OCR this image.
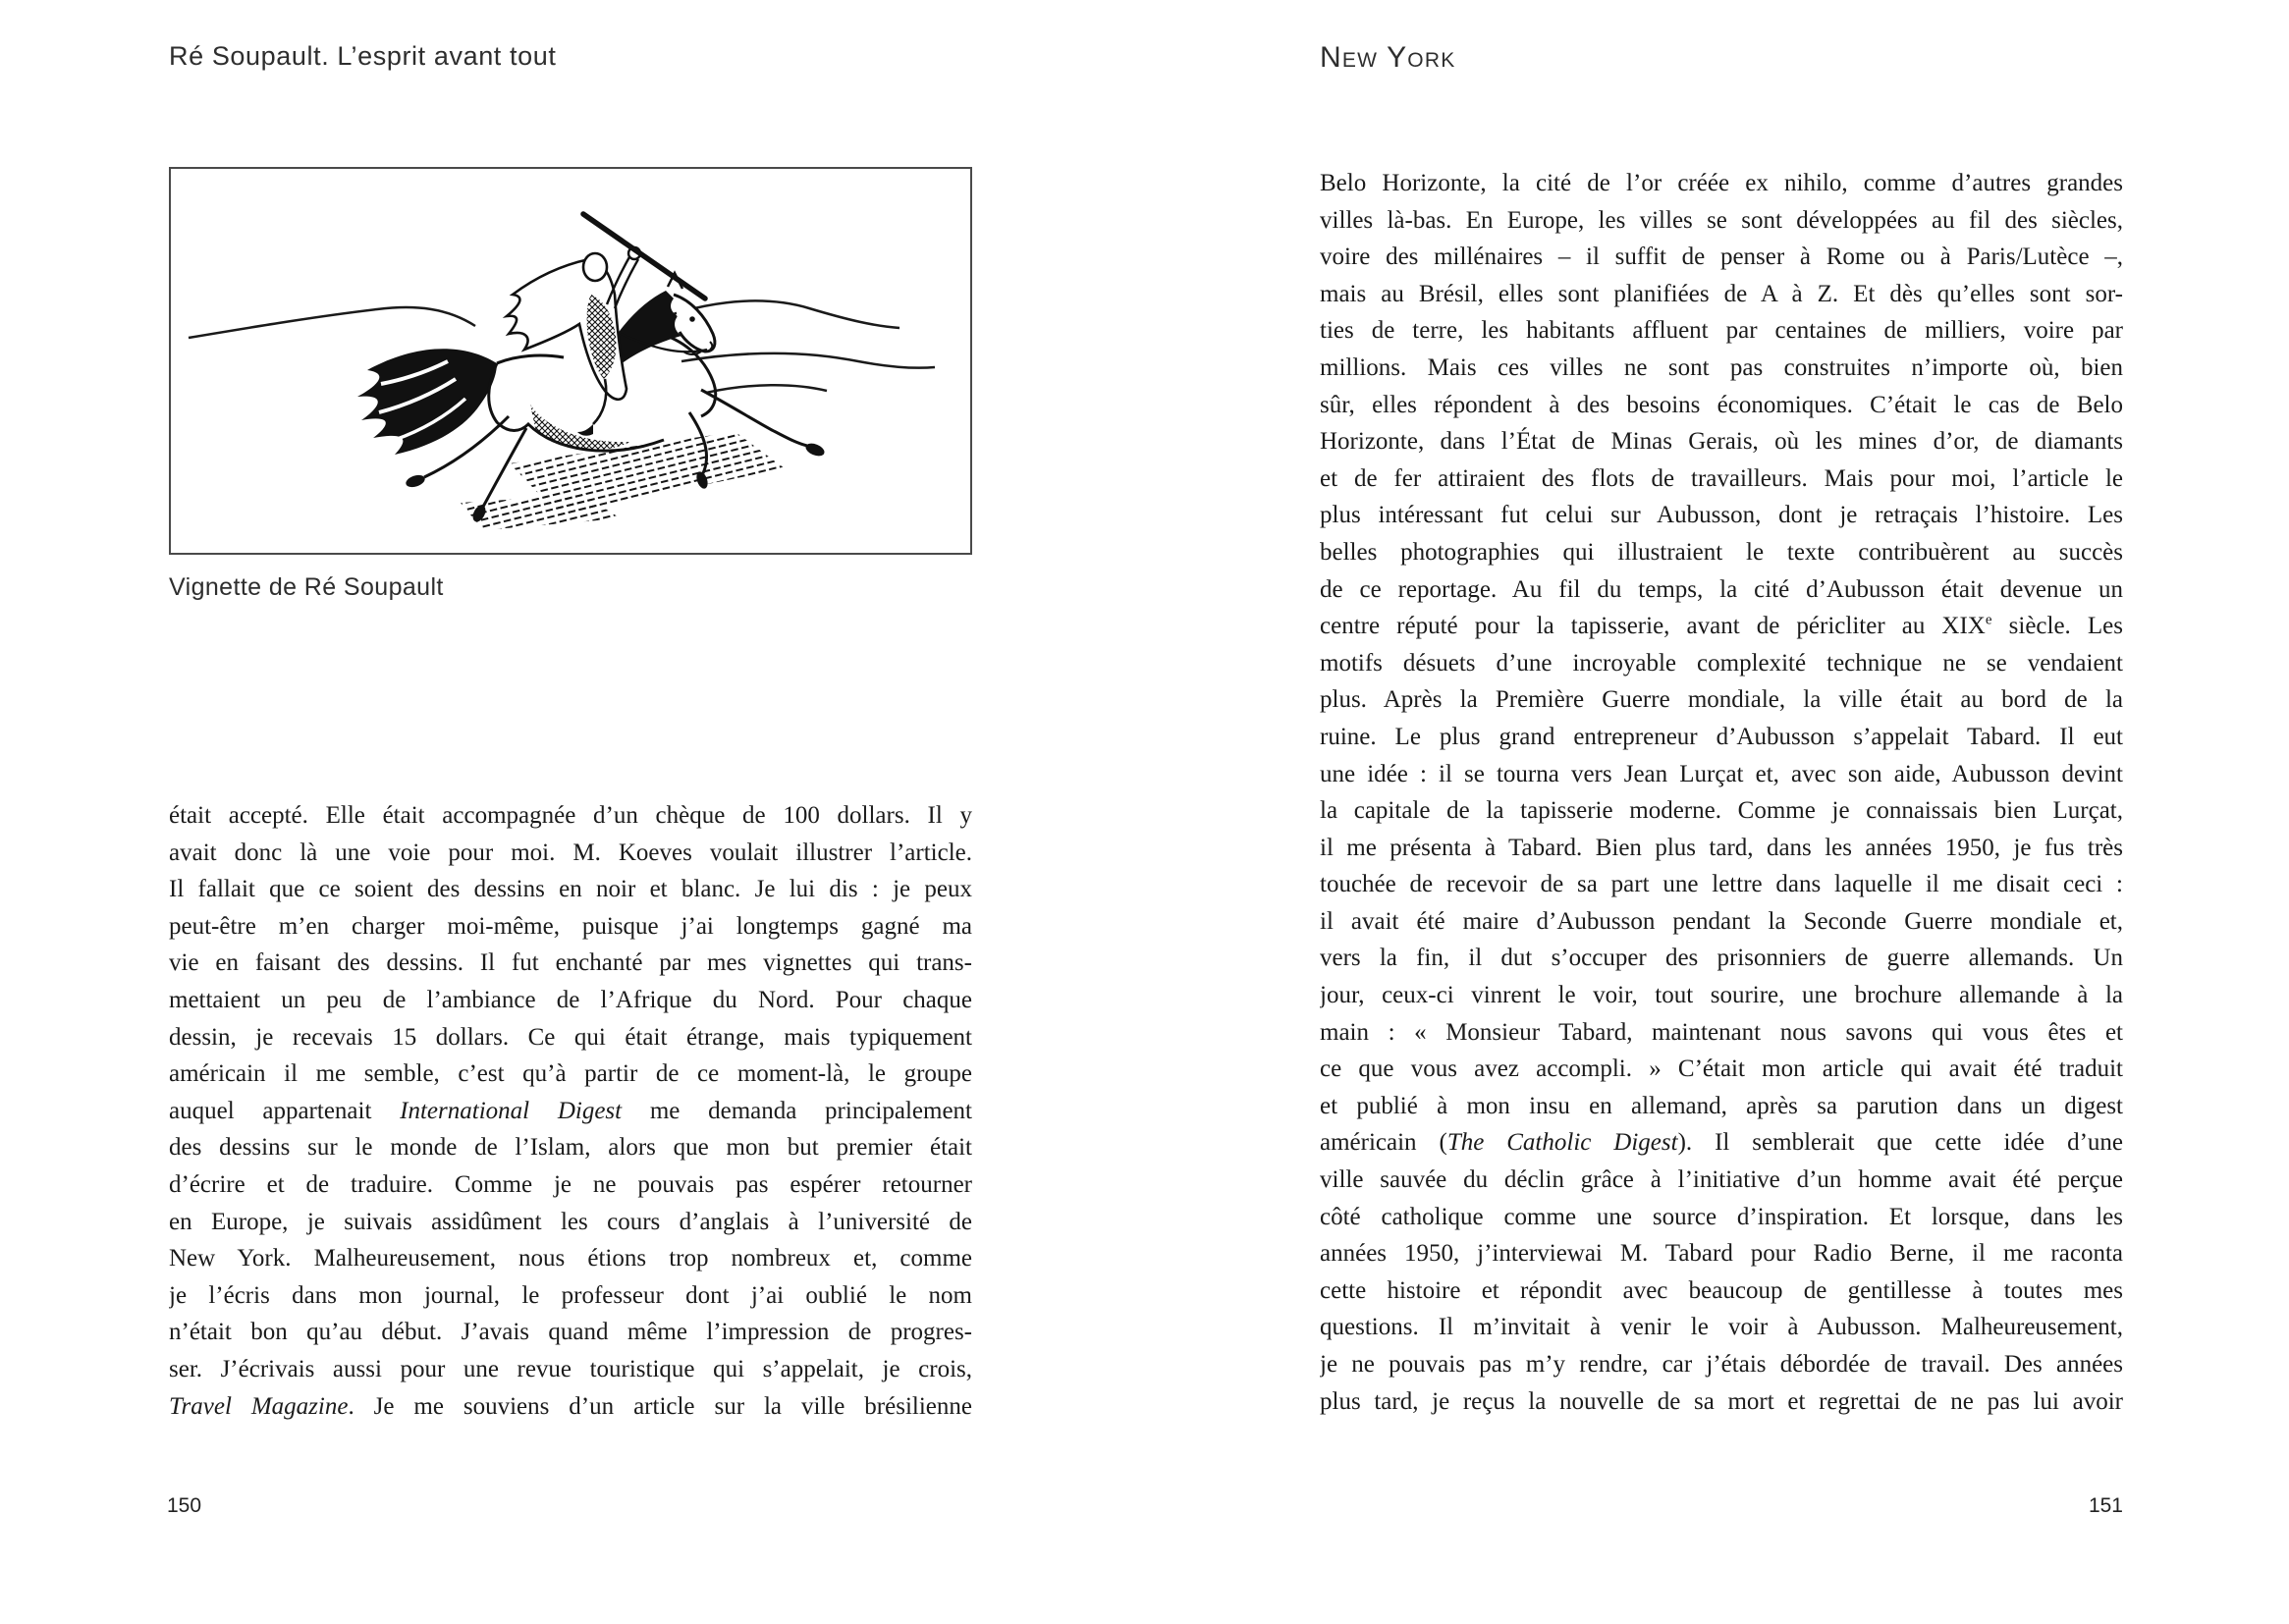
Ré Soupault. L’esprit avant tout
Vignette de Ré Soupault
était accepté. Elle était accompagnée d’un chèque de 100 dollars. Il y
avait donc là une voie pour moi. M. Koeves voulait illustrer l’article.
Il fallait que ce soient des dessins en noir et blanc. Je lui dis : je peux
peut-être m’en charger moi-même, puisque j’ai longtemps gagné ma
vie en faisant des dessins. Il fut enchanté par mes vignettes qui trans-
mettaient un peu de l’ambiance de l’Afrique du Nord. Pour chaque
dessin, je recevais 15 dollars. Ce qui était étrange, mais typiquement
américain il me semble, c’est qu’à partir de ce moment-là, le groupe
auquel appartenait International Digest me demanda principalement
des dessins sur le monde de l’Islam, alors que mon but premier était
d’écrire et de traduire. Comme je ne pouvais pas espérer retourner
en Europe, je suivais assidûment les cours d’anglais à l’université de
New York. Malheureusement, nous étions trop nombreux et, comme
je l’écris dans mon journal, le professeur dont j’ai oublié le nom
n’était bon qu’au début. J’avais quand même l’impression de progres-
ser. J’écrivais aussi pour une revue touristique qui s’appelait, je crois,
Travel Magazine. Je me souviens d’un article sur la ville brésilienne
150
New York
Belo Horizonte, la cité de l’or créée ex nihilo, comme d’autres grandes
villes là-bas. En Europe, les villes se sont développées au fil des siècles,
voire des millénaires – il suffit de penser à Rome ou à Paris/Lutèce –,
mais au Brésil, elles sont planifiées de A à Z. Et dès qu’elles sont sor-
ties de terre, les habitants affluent par centaines de milliers, voire par
millions. Mais ces villes ne sont pas construites n’importe où, bien
sûr, elles répondent à des besoins économiques. C’était le cas de Belo
Horizonte, dans l’État de Minas Gerais, où les mines d’or, de diamants
et de fer attiraient des flots de travailleurs. Mais pour moi, l’article le
plus intéressant fut celui sur Aubusson, dont je retraçais l’histoire. Les
belles photographies qui illustraient le texte contribuèrent au succès
de ce reportage. Au fil du temps, la cité d’Aubusson était devenue un
centre réputé pour la tapisserie, avant de péricliter au XIXe siècle. Les
motifs désuets d’une incroyable complexité technique ne se vendaient
plus. Après la Première Guerre mondiale, la ville était au bord de la
ruine. Le plus grand entrepreneur d’Aubusson s’appelait Tabard. Il eut
une idée : il se tourna vers Jean Lurçat et, avec son aide, Aubusson devint
la capitale de la tapisserie moderne. Comme je connaissais bien Lurçat,
il me présenta à Tabard. Bien plus tard, dans les années 1950, je fus très
touchée de recevoir de sa part une lettre dans laquelle il me disait ceci :
il avait été maire d’Aubusson pendant la Seconde Guerre mondiale et,
vers la fin, il dut s’occuper des prisonniers de guerre allemands. Un
jour, ceux-ci vinrent le voir, tout sourire, une brochure allemande à la
main : « Monsieur Tabard, maintenant nous savons qui vous êtes et
ce que vous avez accompli. » C’était mon article qui avait été traduit
et publié à mon insu en allemand, après sa parution dans un digest
américain (The Catholic Digest). Il semblerait que cette idée d’une
ville sauvée du déclin grâce à l’initiative d’un homme avait été perçue
côté catholique comme une source d’inspiration. Et lorsque, dans les
années 1950, j’interviewai M. Tabard pour Radio Berne, il me raconta
cette histoire et répondit avec beaucoup de gentillesse à toutes mes
questions. Il m’invitait à venir le voir à Aubusson. Malheureusement,
je ne pouvais pas m’y rendre, car j’étais débordée de travail. Des années
plus tard, je reçus la nouvelle de sa mort et regrettai de ne pas lui avoir
151
